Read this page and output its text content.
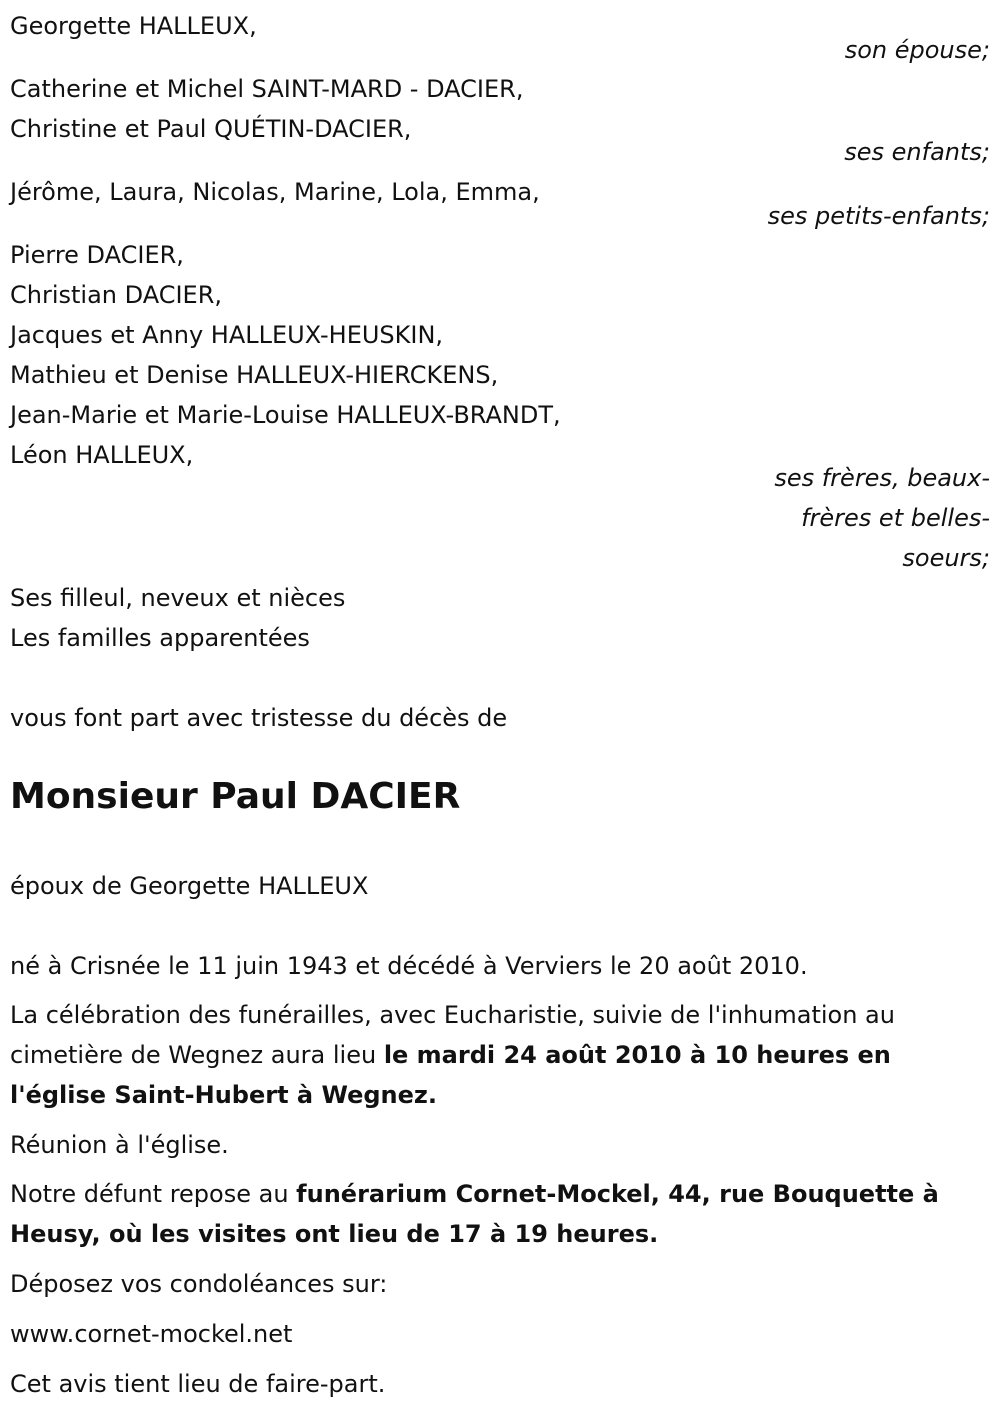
Georgette HALLEUX,

son épouse;

Catherine et Michel SAINT-MARD - DACIER,

Christine et Paul QUÉTIN-DACIER,

ses enfants;

Jérôme, Laura, Nicolas, Marine, Lola, Emma,

ses petits-enfants;

Pierre DACIER,

Christian DACIER,

Jacques et Anny HALLEUX-HEUSKIN,

Mathieu et Denise HALLEUX-HIERCKENS,

Jean-Marie et Marie-Louise HALLEUX-BRANDT,

Léon HALLEUX,

ses frères, beaux-
frères et belles-
soeurs;

Ses filleul, neveux et nièces

Les familles apparentées

vous font part avec tristesse du décès de

Monsieur Paul DACIER

époux de Georgette HALLEUX

né à Crisnée le 11 juin 1943 et décédé à Verviers le 20 août 2010.

La célébration des funérailles, avec Eucharistie, suivie de l'inhumation au cimetière de Wegnez aura lieu le mardi 24 août 2010 à 10 heures en l'église Saint-Hubert à Wegnez.

Réunion à l'église.

Notre défunt repose au funérarium Cornet-Mockel, 44, rue Bouquette à Heusy, où les visites ont lieu de 17 à 19 heures.

Déposez vos condoléances sur:

www.cornet-mockel.net

Cet avis tient lieu de faire-part.
